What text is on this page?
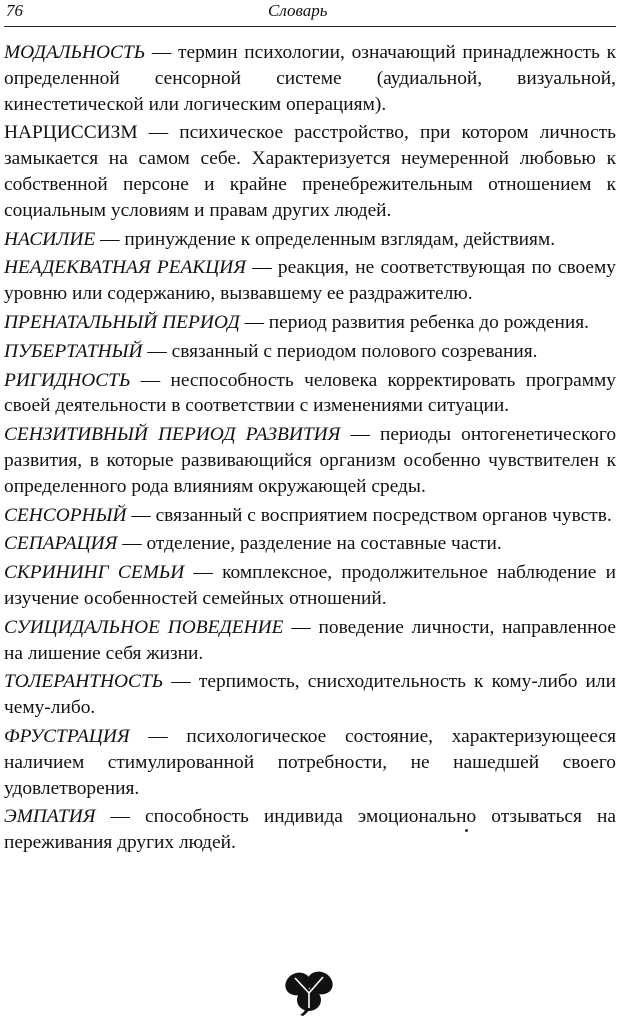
76	Словарь

МОДАЛЬНОСТЬ — термин психологии, означающий принадлежность к определенной сенсорной системе (аудиальной, визуальной, кинестетической или логическим операциям).

НАРЦИССИЗМ — психическое расстройство, при котором личность замыкается на самом себе. Характеризуется неумеренной любовью к собственной персоне и крайне пренебрежительным отношением к социальным условиям и правам других людей.

НАСИЛИЕ — принуждение к определенным взглядам, действиям.

НЕАДЕКВАТНАЯ РЕАКЦИЯ — реакция, не соответствующая по своему уровню или содержанию, вызвавшему ее раздражителю.

ПРЕНАТАЛЬНЫЙ ПЕРИОД — период развития ребенка до рождения.

ПУБЕРТАТНЫЙ — связанный с периодом полового созревания.

РИГИДНОСТЬ — неспособность человека корректировать программу своей деятельности в соответствии с изменениями ситуации.

СЕНЗИТИВНЫЙ ПЕРИОД РАЗВИТИЯ — периоды онтогенетического развития, в которые развивающийся организм особенно чувствителен к определенного рода влияниям окружающей среды.

СЕНСОРНЫЙ — связанный с восприятием посредством органов чувств.

СЕПАРАЦИЯ — отделение, разделение на составные части.

СКРИНИНГ СЕМЬИ — комплексное, продолжительное наблюдение и изучение особенностей семейных отношений.

СУИЦИДАЛЬНОЕ ПОВЕДЕНИЕ — поведение личности, направленное на лишение себя жизни.

ТОЛЕРАНТНОСТЬ — терпимость, снисходительность к кому-либо или чему-либо.

ФРУСТРАЦИЯ — психологическое состояние, характеризующееся наличием стимулированной потребности, не нашедшей своего удовлетворения.

ЭМПАТИЯ — способность индивида эмоционально отзываться на переживания других людей.
